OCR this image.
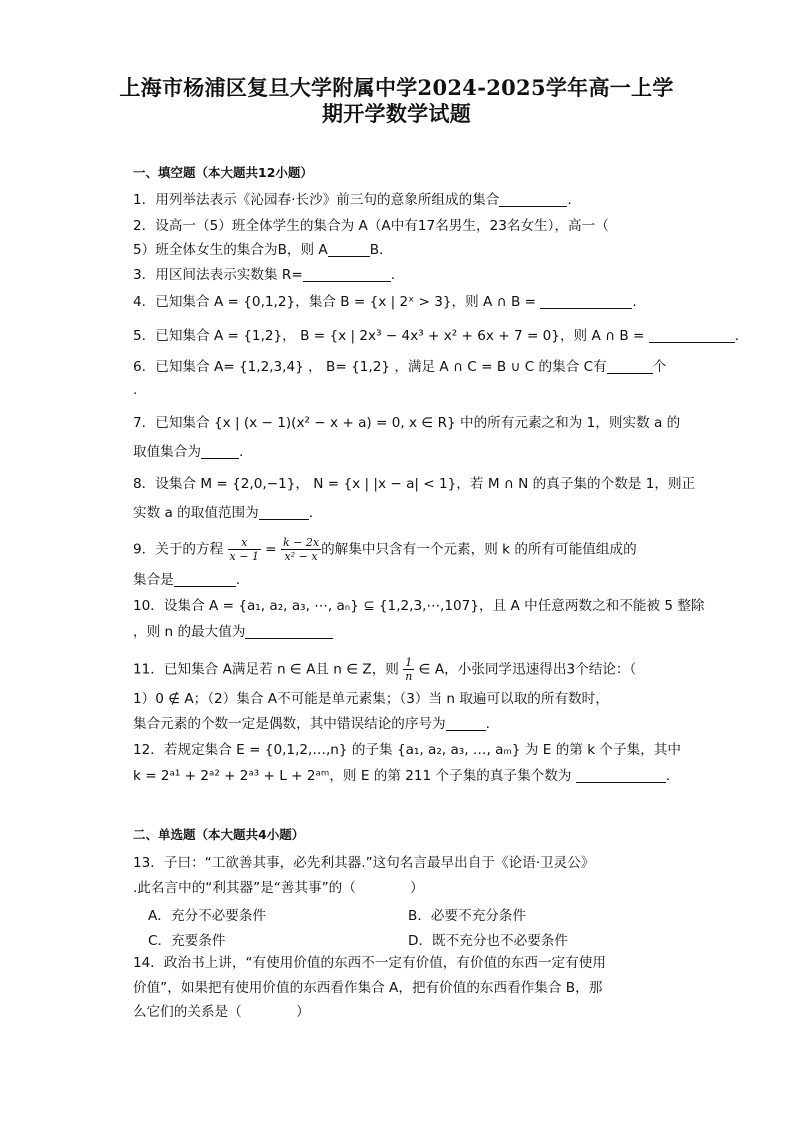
上海市杨浦区复旦大学附属中学2024-2025学年高一上学
期开学数学试题
一、填空题（本大题共12小题）
1．用列举法表示《沁园春·长沙》前三句的意象所组成的集合	.
2．设高一（5）班全体学生的集合为 A（A中有17名男生，23名女生），高一（
5）班全体女生的集合为B，则 A	B．
3．用区间法表示实数集 R=	.
4．已知集合 A = {0,1,2}，集合 B = {x | 2ˣ > 3}，则 A ∩ B =	.
5．已知集合 A = {1,2}， B = {x | 2x³ − 4x³ + x² + 6x + 7 = 0}，则 A ∩ B =	.
6．已知集合 A= {1,2,3,4} ， B= {1,2} ，满足 A ∩ C = B ∪ C 的集合 C有	个
.
7．已知集合 {x | (x − 1)(x² − x + a) = 0, x ∈ R} 中的所有元素之和为 1，则实数 a 的
取值集合为	.
8．设集合 M = {2,0,−1}， N = {x | |x − a| < 1}，若 M ∩ N 的真子集的个数是 1，则正
实数 a 的取值范围为	.
9．关于的方程 $\frac{x}{x - 1} = \frac{k - 2x}{\text{x² − x}}$ 的解集中只含有一个元素，则 k 的所有可能值组成的
集合是	.
10．设集合 A = {a₁, a₂, a₃, ⋯, aₙ} ⊆ {1,2,3,⋯,107}，且 A 中任意两数之和不能被 5 整除
，则 n 的最大值为
11．已知集合 A满足若 n ∈ A且 n ∈ Z，则 $\frac{1}{n}$ ∈ A，小张同学迅速得出3个结论：（
1）0 ∉ A；（2）集合 A不可能是单元素集；（3）当 n 取遍可以取的所有数时，
集合元素的个数一定是偶数，其中错误结论的序号为	.
12．若规定集合 E = {0,1,2,…,n} 的子集 {a₁, a₂, a₃, …, aₘ} 为 E 的第 k 个子集，其中
k = 2ᵃ¹ + 2ᵃ² + 2ᵃ³ + L + 2ᵃᵐ，则 E 的第 211 个子集的真子集个数为	.
二、单选题（本大题共4小题）
13．子曰：“工欲善其事，必先利其器.”这句名言最早出自于《论语·卫灵公》
.此名言中的“利其器”是“善其事”的（　　　　）
A．充分不必要条件	B．必要不充分条件
C．充要条件	D．既不充分也不必要条件
14．政治书上讲，“有使用价值的东西不一定有价值，有价值的东西一定有使用
价值”，如果把有使用价值的东西看作集合 A，把有价值的东西看作集合 B，那
么它们的关系是（　　　　）
